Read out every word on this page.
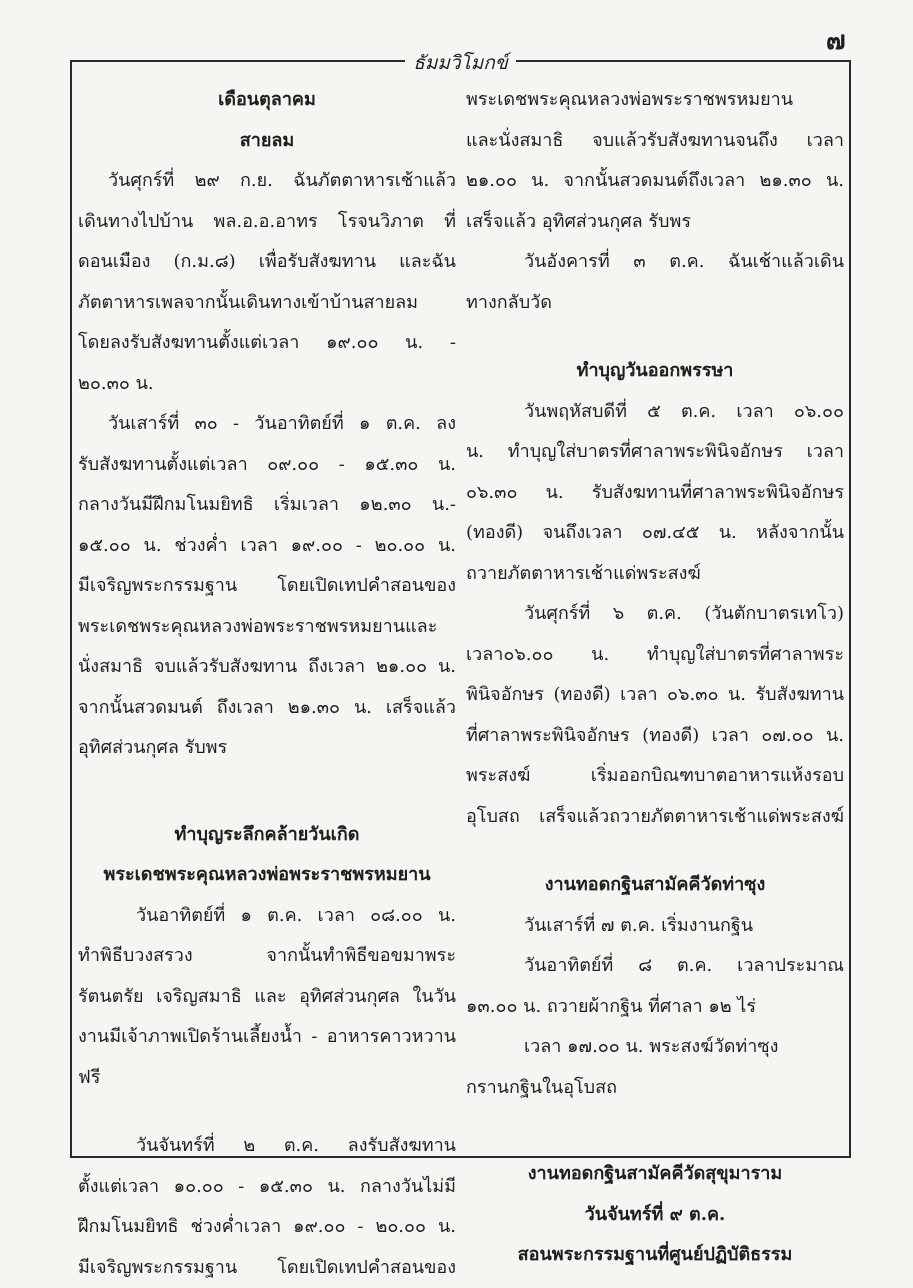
๗
ธัมมวิโมกข์
เดือนตุลาคม
สายลม
วันศุกร์ที่ ๒๙ ก.ย. ฉันภัตตาหารเช้าแล้ว
เดินทางไปบ้าน พล.อ.อ.อาทร โรจนวิภาต ที่
ดอนเมือง (ก.ม.๘) เพื่อรับสังฆทาน และฉัน
ภัตตาหารเพลจากนั้นเดินทางเข้าบ้านสายลม
โดยลงรับสังฆทานตั้งแต่เวลา ๑๙.๐๐ น. -
๒๐.๓๐ น.
วันเสาร์ที่ ๓๐ - วันอาทิตย์ที่ ๑ ต.ค. ลง
รับสังฆทานตั้งแต่เวลา ๐๙.๐๐ - ๑๕.๓๐ น.
กลางวันมีฝึกมโนมยิทธิ เริ่มเวลา ๑๒.๓๐ น.-
๑๕.๐๐ น. ช่วงค่ำ เวลา ๑๙.๐๐ - ๒๐.๐๐ น.
มีเจริญพระกรรมฐาน โดยเปิดเทปคำสอนของ
พระเดชพระคุณหลวงพ่อพระราชพรหมยานและ
นั่งสมาธิ จบแล้วรับสังฆทาน ถึงเวลา ๒๑.๐๐ น.
จากนั้นสวดมนต์ ถึงเวลา ๒๑.๓๐ น. เสร็จแล้ว
อุทิศส่วนกุศล รับพร
ทำบุญระลึกคล้ายวันเกิด
พระเดชพระคุณหลวงพ่อพระราชพรหมยาน
วันอาทิตย์ที่ ๑ ต.ค. เวลา ๐๘.๐๐ น.
ทำพิธีบวงสรวง จากนั้นทำพิธีขอขมาพระ
รัตนตรัย เจริญสมาธิ และ อุทิศส่วนกุศล ในวัน
งานมีเจ้าภาพเปิดร้านเลี้ยงน้ำ - อาหารคาวหวาน
ฟรี
วันจันทร์ที่ ๒ ต.ค. ลงรับสังฆทาน
ตั้งแต่เวลา ๑๐.๐๐ - ๑๕.๓๐ น. กลางวันไม่มี
ฝึกมโนมยิทธิ ช่วงค่ำเวลา ๑๙.๐๐ - ๒๐.๐๐ น.
มีเจริญพระกรรมฐาน โดยเปิดเทปคำสอนของ
พระเดชพระคุณหลวงพ่อพระราชพรหมยาน
และนั่งสมาธิ จบแล้วรับสังฆทานจนถึง เวลา
๒๑.๐๐ น. จากนั้นสวดมนต์ถึงเวลา ๒๑.๓๐ น.
เสร็จแล้ว อุทิศส่วนกุศล รับพร
วันอังคารที่ ๓ ต.ค. ฉันเช้าแล้วเดิน
ทางกลับวัด
ทำบุญวันออกพรรษา
วันพฤหัสบดีที่ ๕ ต.ค. เวลา ๐๖.๐๐
น. ทำบุญใส่บาตรที่ศาลาพระพินิจอักษร เวลา
๐๖.๓๐ น. รับสังฆทานที่ศาลาพระพินิจอักษร
(ทองดี) จนถึงเวลา ๐๗.๔๕ น. หลังจากนั้น
ถวายภัตตาหารเช้าแด่พระสงฆ์
วันศุกร์ที่ ๖ ต.ค. (วันตักบาตรเทโว)
เวลา๐๖.๐๐ น. ทำบุญใส่บาตรที่ศาลาพระ
พินิจอักษร (ทองดี) เวลา ๐๖.๓๐ น. รับสังฆทาน
ที่ศาลาพระพินิจอักษร (ทองดี) เวลา ๐๗.๐๐ น.
พระสงฆ์ เริ่มออกบิณฑบาตอาหารแห้งรอบ
อุโบสถ เสร็จแล้วถวายภัตตาหารเช้าแด่พระสงฆ์
งานทอดกฐินสามัคคีวัดท่าซุง
วันเสาร์ที่ ๗ ต.ค. เริ่มงานกฐิน
วันอาทิตย์ที่ ๘ ต.ค. เวลาประมาณ
๑๓.๐๐ น. ถวายผ้ากฐิน ที่ศาลา ๑๒ ไร่
เวลา ๑๗.๐๐ น. พระสงฆ์วัดท่าซุง
กรานกฐินในอุโบสถ
งานทอดกฐินสามัคคีวัดสุขุมาราม
วันจันทร์ที่ ๙ ต.ค.
สอนพระกรรมฐานที่ศูนย์ปฏิบัติธรรม
